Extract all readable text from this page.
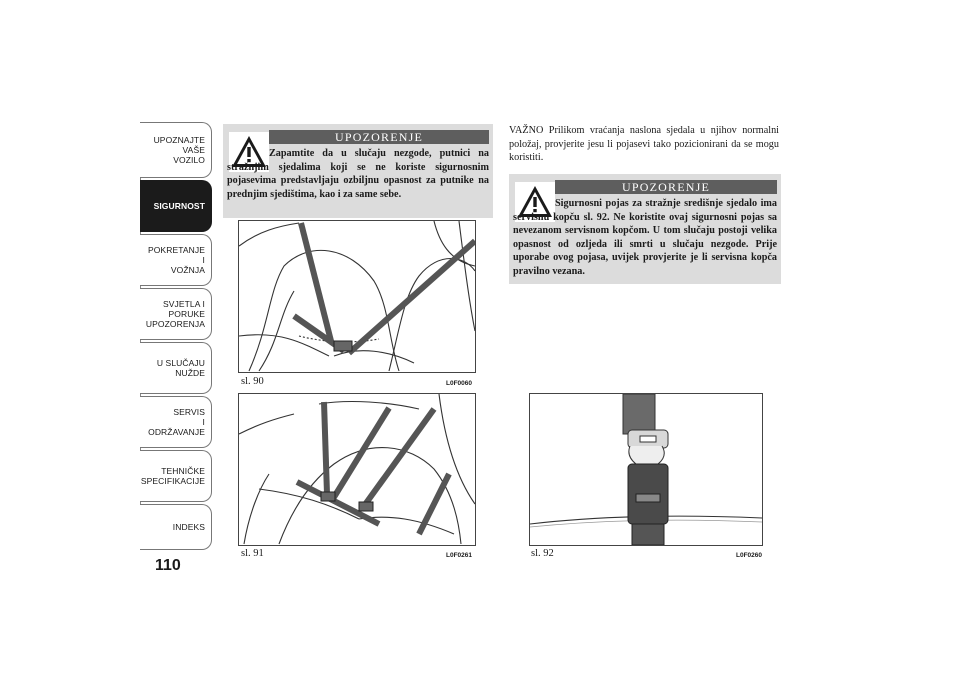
UPOZNAJTE
VAŠE
VOZILO
SIGURNOST
POKRETANJE
I
VOŽNJA
SVJETLA I
PORUKE
UPOZORENJA
U SLUČAJU
NUŽDE
SERVIS
I
ODRŽAVANJE
TEHNIČKE
SPECIFIKACIJE
INDEKS
110
UPOZORENJE
Zapamtite da u slučaju nezgode, putnici na stražnjim sjedalima koji se ne koriste sigurnosnim pojasevima predstavljaju ozbiljnu opasnost za putnike na prednjim sjedištima, kao i za same sebe.
VAŽNO Prilikom vraćanja naslona sjedala u njihov normalni položaj, provjerite jesu li pojasevi tako pozicionirani da se mogu koristiti.
UPOZORENJE
Sigurnosni pojas za stražnje središnje sjedalo ima servisnu kopču sl. 92. Ne koristite ovaj sigurnosni pojas sa nevezanom servisnom kopčom. U tom slučaju postoji velika opasnost od ozljeda ili smrti u slučaju nezgode. Prije uporabe ovog pojasa, uvijek provjerite je li servisna kopča pravilno vezana.
sl. 90	L0F0060
sl. 91	L0F0261	sl. 92	L0F0260
